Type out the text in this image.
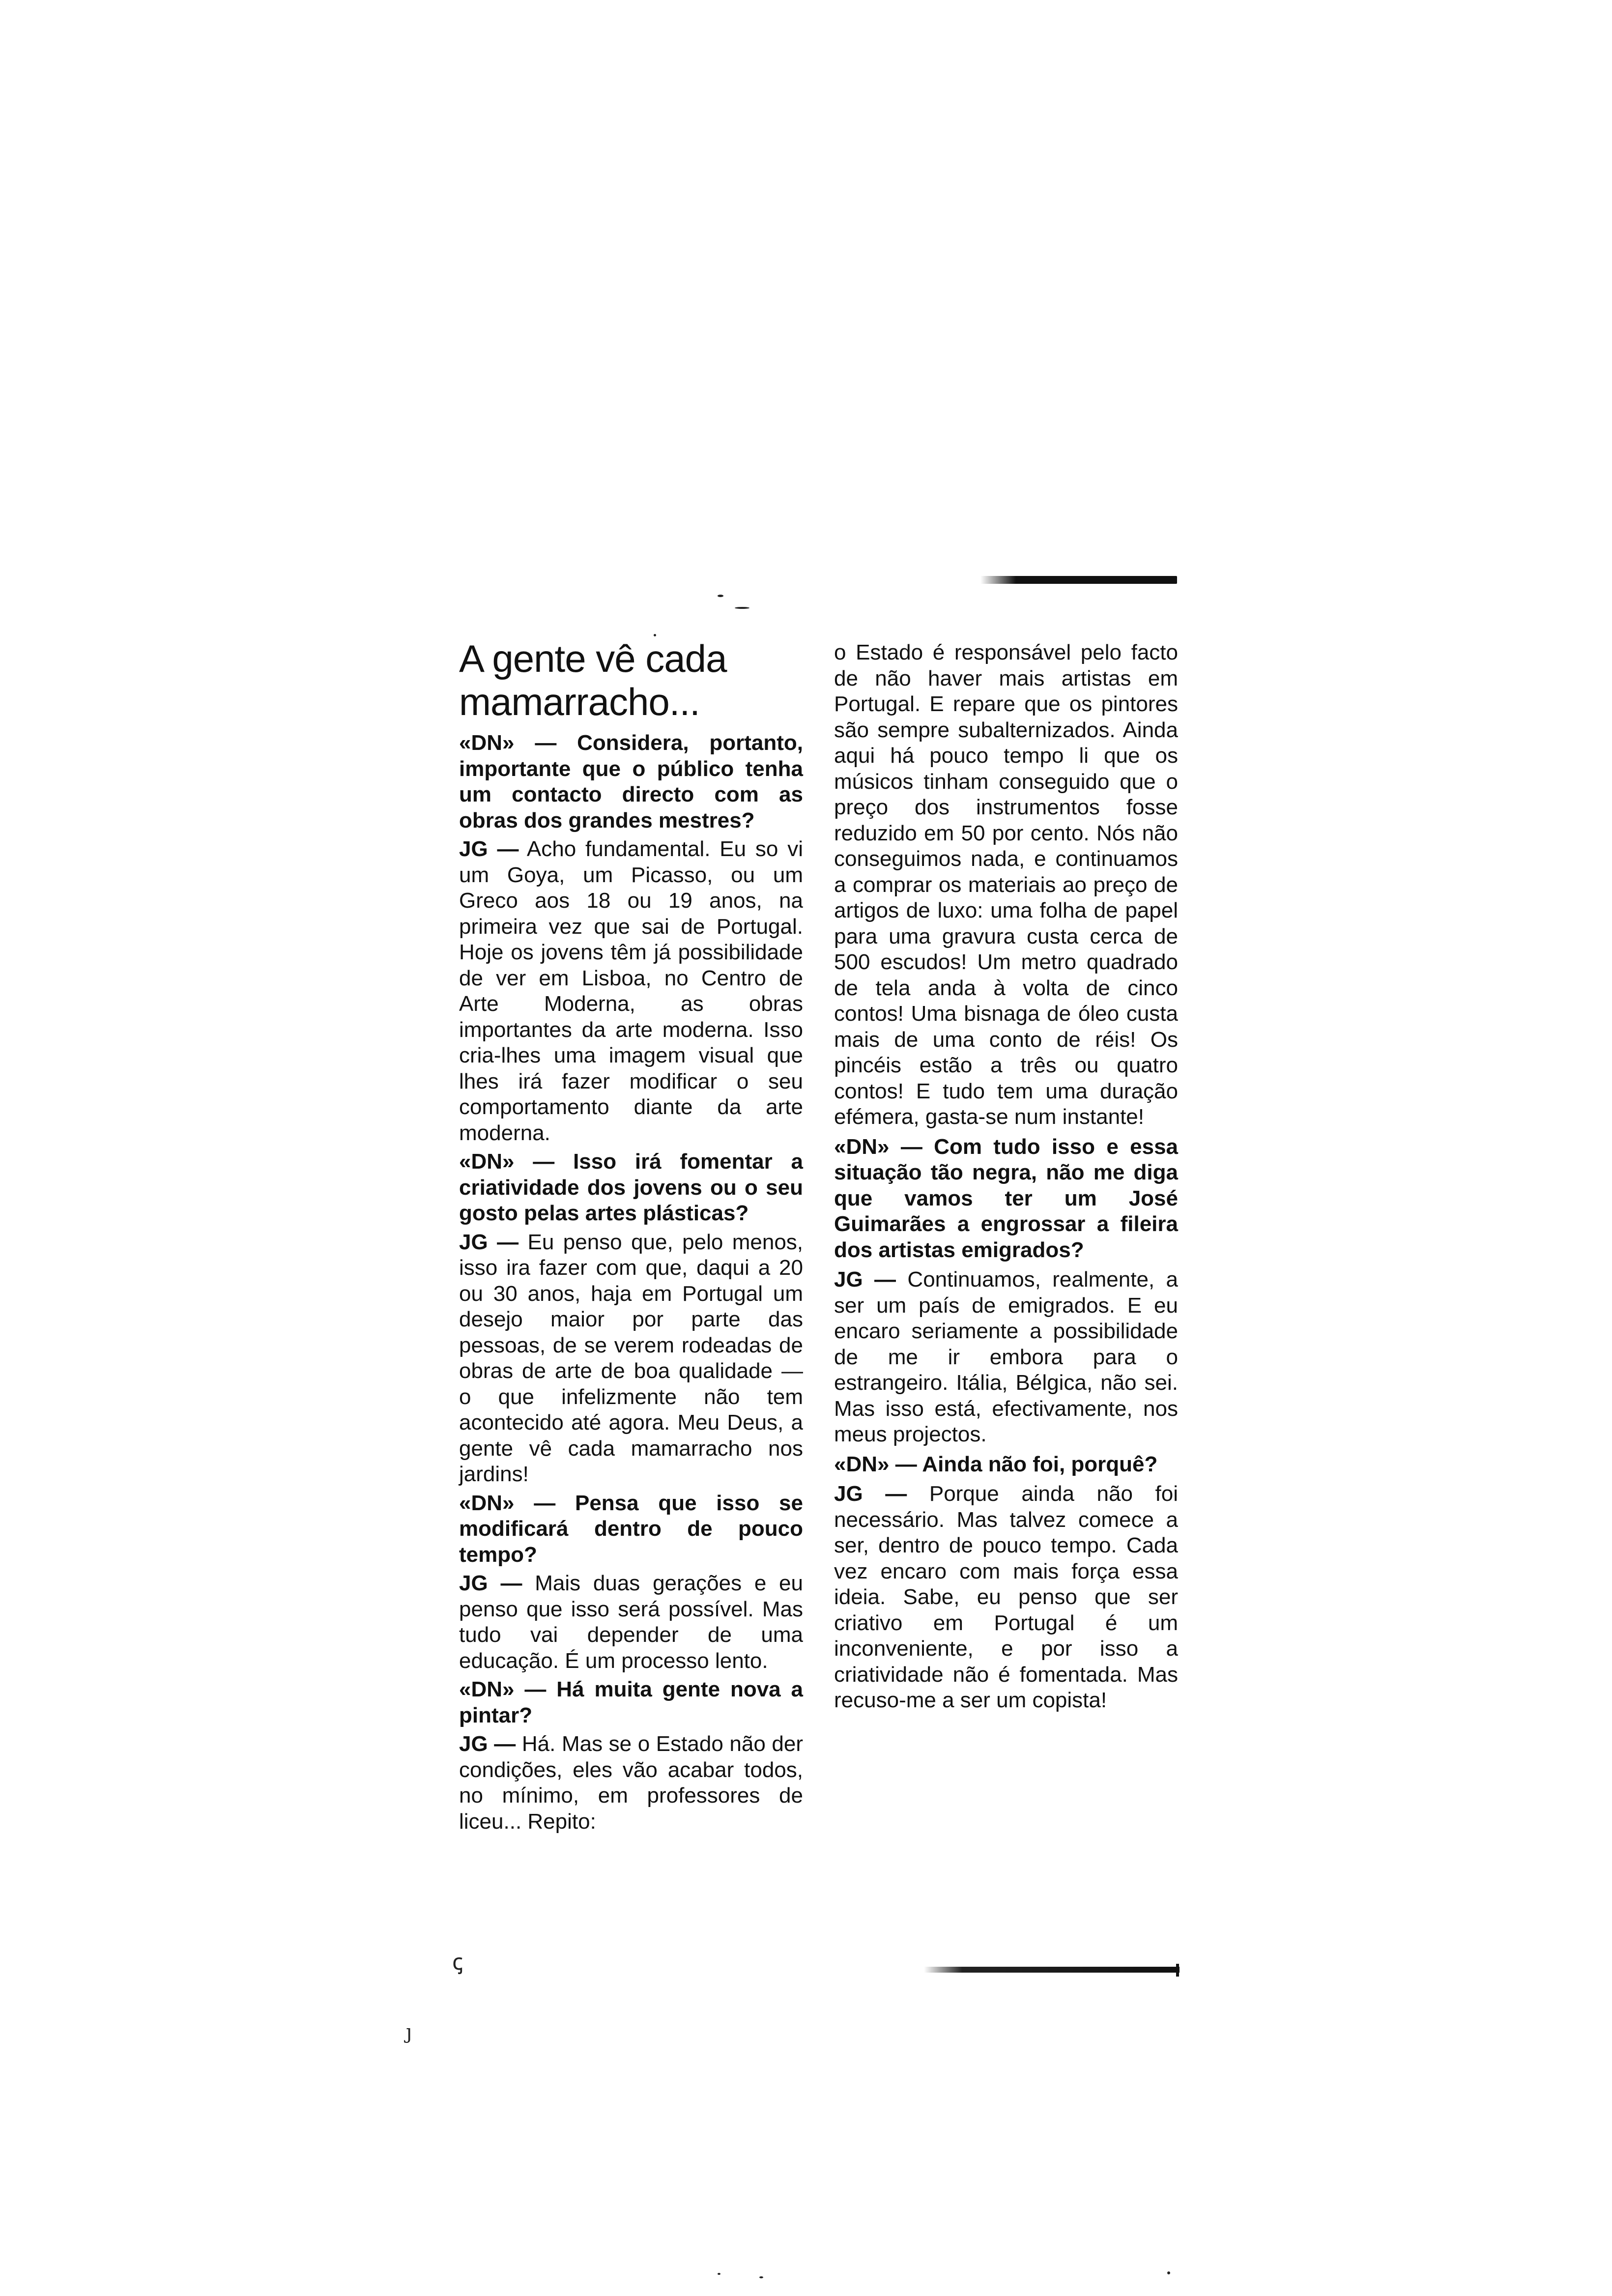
A gente vê cada mamarracho...

«DN» — Considera, portanto, importante que o público tenha um contacto directo com as obras dos grandes mestres?

JG — Acho fundamental. Eu so vi um Goya, um Picasso, ou um Greco aos 18 ou 19 anos, na primeira vez que sai de Portugal. Hoje os jovens têm já possibilidade de ver em Lisboa, no Centro de Arte Moderna, as obras importantes da arte moderna. Isso cria-lhes uma imagem visual que lhes irá fazer modificar o seu comportamento diante da arte moderna.

«DN» — Isso irá fomentar a criatividade dos jovens ou o seu gosto pelas artes plásticas?

JG — Eu penso que, pelo menos, isso ira fazer com que, daqui a 20 ou 30 anos, haja em Portugal um desejo maior por parte das pessoas, de se verem rodeadas de obras de arte de boa qualidade — o que infelizmente não tem acontecido até agora. Meu Deus, a gente vê cada mamarracho nos jardins!

«DN» — Pensa que isso se modificará dentro de pouco tempo?

JG — Mais duas gerações e eu penso que isso será possível. Mas tudo vai depender de uma educação. É um processo lento.

«DN» — Há muita gente nova a pintar?

JG — Há. Mas se o Estado não der condições, eles vão acabar todos, no mínimo, em professores de liceu... Repito:

o Estado é responsável pelo facto de não haver mais artistas em Portugal. E repare que os pintores são sempre subalternizados. Ainda aqui há pouco tempo li que os músicos tinham conseguido que o preço dos instrumentos fosse reduzido em 50 por cento. Nós não conseguimos nada, e continuamos a comprar os materiais ao preço de artigos de luxo: uma folha de papel para uma gravura custa cerca de 500 escudos! Um metro quadrado de tela anda à volta de cinco contos! Uma bisnaga de óleo custa mais de uma conto de réis! Os pincéis estão a três ou quatro contos! E tudo tem uma duração efémera, gasta-se num instante!

«DN» — Com tudo isso e essa situação tão negra, não me diga que vamos ter um José Guimarães a engrossar a fileira dos artistas emigrados?

JG — Continuamos, realmente, a ser um país de emigrados. E eu encaro seriamente a possibilidade de me ir embora para o estrangeiro. Itália, Bélgica, não sei. Mas isso está, efectivamente, nos meus projectos.

«DN» — Ainda não foi, porquê?

JG — Porque ainda não foi necessário. Mas talvez comece a ser, dentro de pouco tempo. Cada vez encaro com mais força essa ideia. Sabe, eu penso que ser criativo em Portugal é um inconveniente, e por isso a criatividade não é fomentada. Mas recuso-me a ser um copista!

ꞔ
ȷ
